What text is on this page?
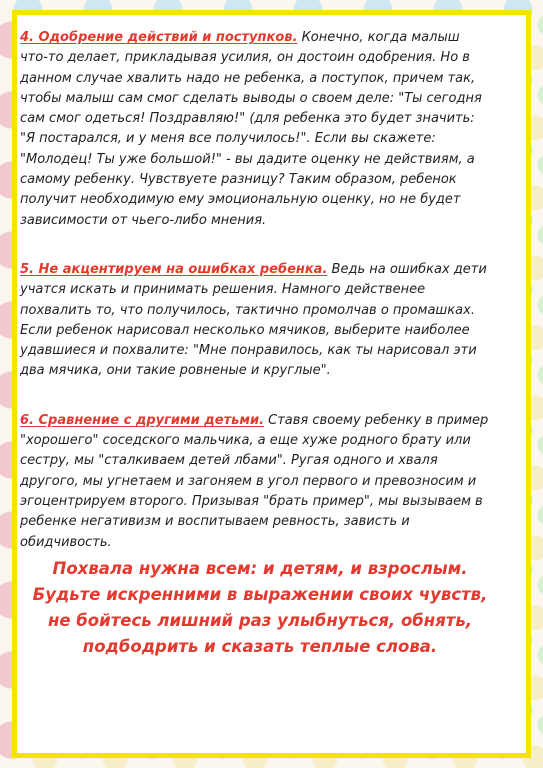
4. Одобрение действий и поступков. Конечно, когда малыш что-то делает, прикладывая усилия, он достоин одобрения. Но в данном случае хвалить надо не ребенка, а поступок, причем так, чтобы малыш сам смог сделать выводы о своем деле: "Ты сегодня сам смог одеться! Поздравляю!" (для ребенка это будет значить: "Я постарался, и у меня все получилось!". Если вы скажете: "Молодец! Ты уже большой!" - вы дадите оценку не действиям, а самому ребенку. Чувствуете разницу? Таким образом, ребенок получит необходимую ему эмоциональную оценку, но не будет зависимости от чьего-либо мнения.

5. Не акцентируем на ошибках ребенка. Ведь на ошибках дети учатся искать и принимать решения. Намного действенее похвалить то, что получилось, тактично промолчав о промашках. Если ребенок нарисовал несколько мячиков, выберите наиболее удавшиеся и похвалите: "Мне понравилось, как ты нарисовал эти два мячика, они такие ровненые и круглые".

6. Сравнение с другими детьми. Ставя своему ребенку в пример "хорошего" соседского мальчика, а еще хуже родного брату или сестру, мы "сталкиваем детей лбами". Ругая одного и хваля другого, мы угнетаем и загоняем в угол первого и превозносим и эгоцентрируем второго. Призывая "брать пример", мы вызываем в ребенке негативизм и воспитываем ревность, зависть и обидчивость.

Похвала нужна всем: и детям, и взрослым.
Будьте искренними в выражении своих чувств,
не бойтесь лишний раз улыбнуться, обнять,
подбодрить и сказать теплые слова.
